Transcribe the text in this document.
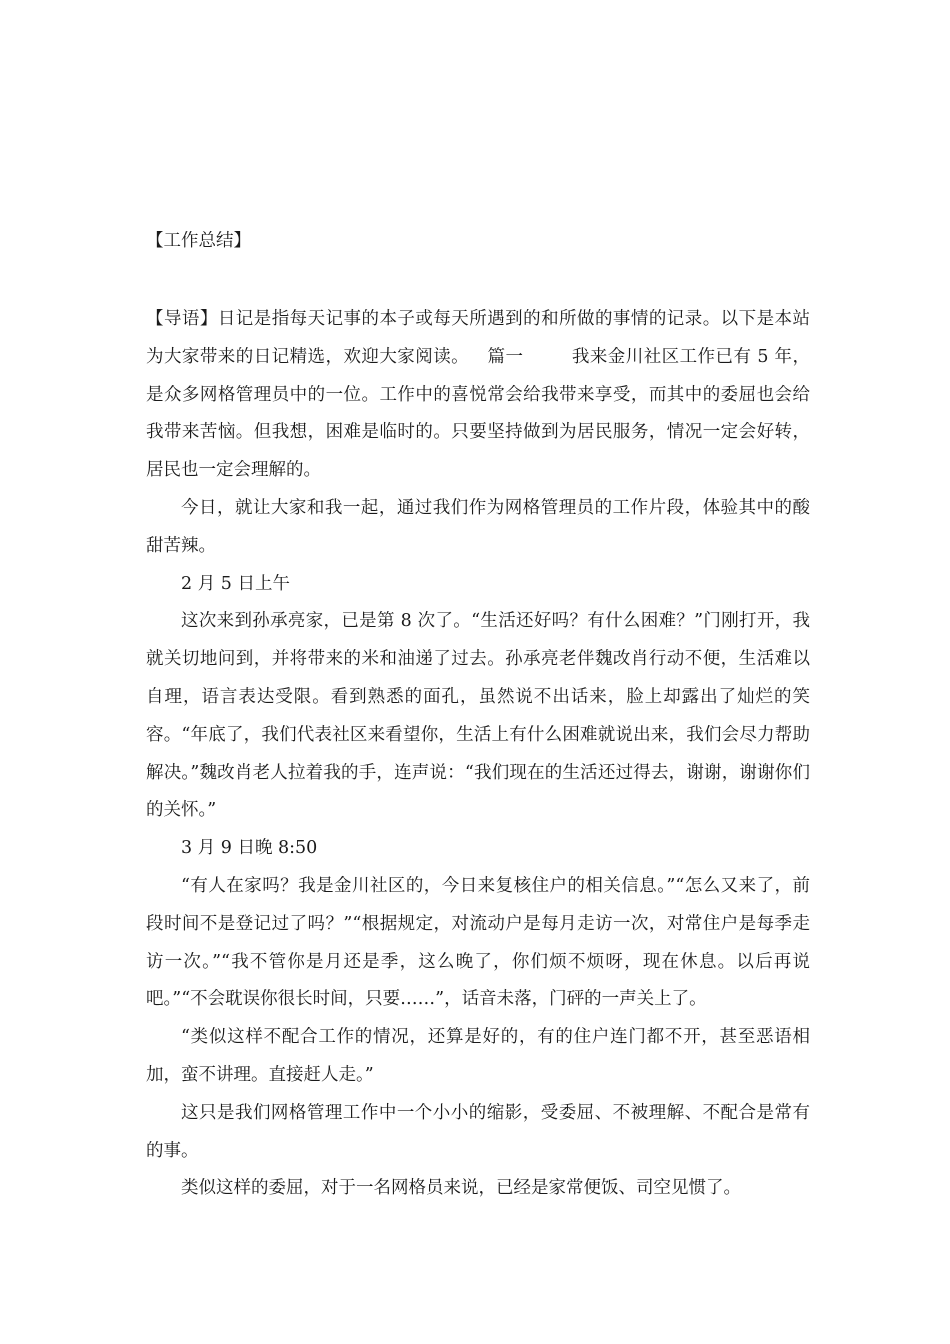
【工作总结】

【导语】日记是指每天记事的本子或每天所遇到的和所做的事情的记录。以下是本站为大家带来的日记精选，欢迎大家阅读。 篇一	我来金川社区工作已有 5 年，是众多网格管理员中的一位。工作中的喜悦常会给我带来享受，而其中的委屈也会给我带来苦恼。但我想，困难是临时的。只要坚持做到为居民服务，情况一定会好转，居民也一定会理解的。

今日，就让大家和我一起，通过我们作为网格管理员的工作片段，体验其中的酸甜苦辣。

2 月 5 日上午

这次来到孙承亮家，已是第 8 次了。“生活还好吗？有什么困难？”门刚打开，我就关切地问到，并将带来的米和油递了过去。孙承亮老伴魏改肖行动不便，生活难以自理，语言表达受限。看到熟悉的面孔，虽然说不出话来，脸上却露出了灿烂的笑容。“年底了，我们代表社区来看望你，生活上有什么困难就说出来，我们会尽力帮助解决。”魏改肖老人拉着我的手，连声说：“我们现在的生活还过得去，谢谢，谢谢你们的关怀。”

3 月 9 日晚 8:50

“有人在家吗？我是金川社区的，今日来复核住户的相关信息。”“怎么又来了，前段时间不是登记过了吗？”“根据规定，对流动户是每月走访一次，对常住户是每季走访一次。”“我不管你是月还是季，这么晚了，你们烦不烦呀，现在休息。以后再说吧。”“不会耽误你很长时间，只要……”，话音未落，门砰的一声关上了。

“类似这样不配合工作的情况，还算是好的，有的住户连门都不开，甚至恶语相加，蛮不讲理。直接赶人走。”

这只是我们网格管理工作中一个小小的缩影，受委屈、不被理解、不配合是常有的事。

类似这样的委屈，对于一名网格员来说，已经是家常便饭、司空见惯了。
